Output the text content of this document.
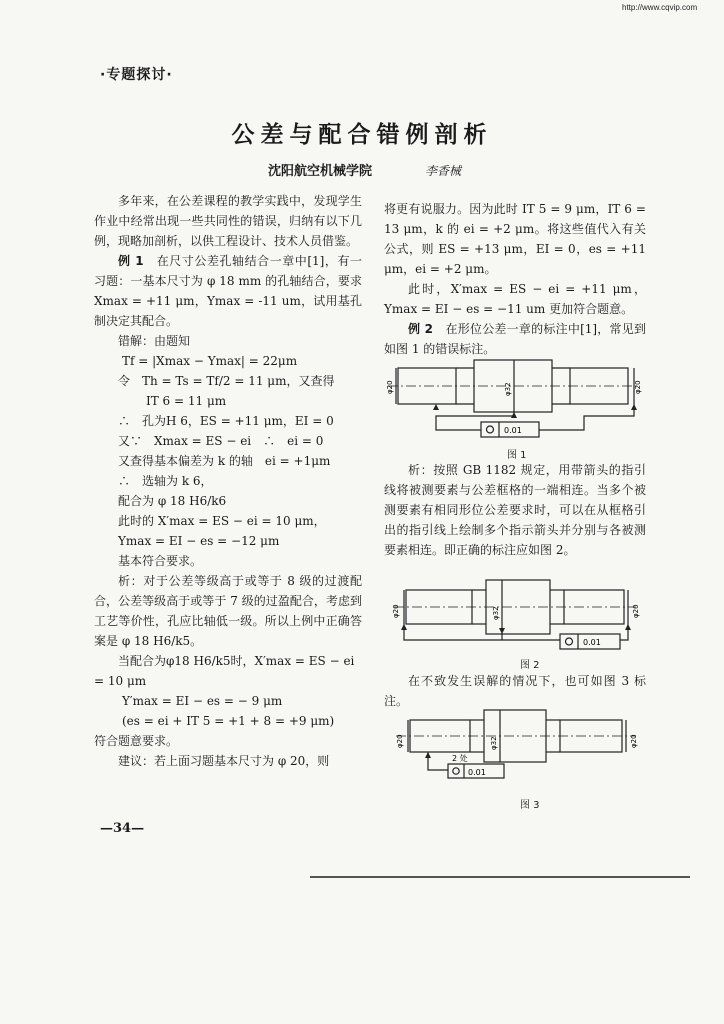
http://www.cqvip.com
·专题探讨·
公差与配合错例剖析
沈阳航空机械学院	李香械

多年来，在公差课程的教学实践中，发现学生作业中经常出现一些共同性的错误，归纳有以下几例，现略加剖析，以供工程设计、技术人员借鉴。

例 1　 在尺寸公差孔轴结合一章中[1]，有一习题：一基本尺寸为 φ 18 mm 的孔轴结合，要求 Xmax = +11 μm，Ymax = -11 um，试用基孔制决定其配合。

错解：由题知

Tf = |Xmax − Ymax| = 22μm

令　Th = Ts = Tf/2 = 11 μm，又查得

IT 6 = 11 μm

∴　孔为H 6，ES = +11 μm，EI = 0

又∵　Xmax = ES − ei　∴　ei = 0

又查得基本偏差为 k 的轴　ei = +1μm

∴　选轴为 k 6，

配合为 φ 18 H6/k6

此时的 X′max = ES − ei = 10 μm，

Ymax = EI − es = −12 μm

基本符合要求。

析：对于公差等级高于或等于 8 级的过渡配合，公差等级高于或等于 7 级的过盈配合，考虑到工艺等价性，孔应比轴低一级。所以上例中正确答案是 φ 18 H6/k5。

当配合为φ18 H6/k5时，X′max = ES − ei = 10 μm

Y′max = EI − es = − 9 μm

(es = ei + IT 5 = +1 + 8 = +9 μm)

符合题意要求。

建议：若上面习题基本尺寸为 φ 20，则

将更有说服力。因为此时 IT 5 = 9 μm，IT 6 = 13 μm，k 的 ei = +2 μm。将这些值代入有关公式，则 ES = +13 μm，EI = 0，es = +11 μm，ei = +2 μm。

此时，X′max = ES − ei = +11 μm，Ymax = EI − es = −11 um 更加符合题意。

例 2　 在形位公差一章的标注中[1]，常见到如图 1 的错误标注。

φ20	φ32	φ20
0.01
图 1

析：按照 GB 1182 规定，用带箭头的指引线将被测要素与公差框格的一端相连。当多个被测要素有相同形位公差要求时，可以在从框格引出的指引线上绘制多个指示箭头并分别与各被测要素相连。即正确的标注应如图 2。

φ20	φ32	φ20
0.01
图 2

在不致发生误解的情况下，也可如图 3 标注。

φ20	φ32	φ20
2 处
0.01
图 3
—34—
